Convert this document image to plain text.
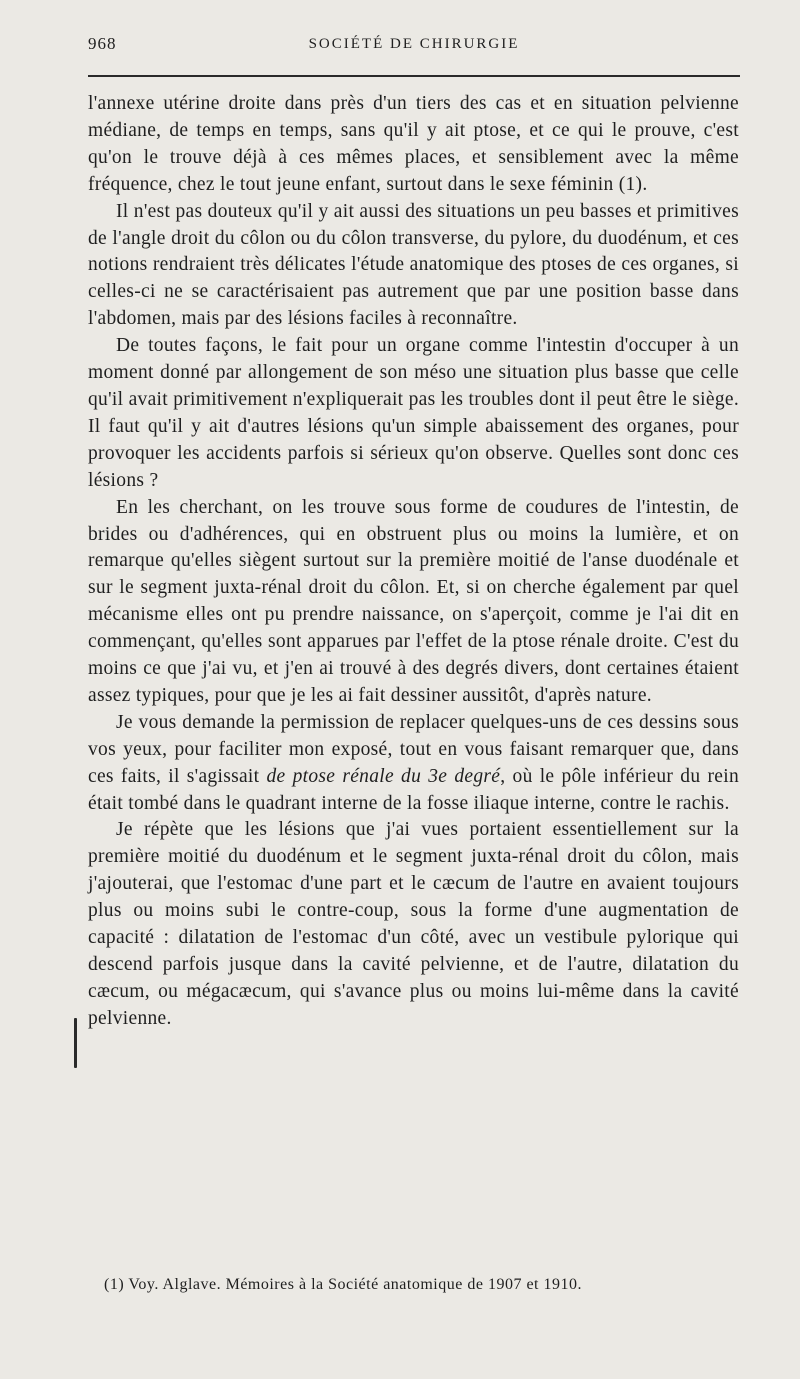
968	SOCIÉTÉ DE CHIRURGIE

l'annexe utérine droite dans près d'un tiers des cas et en situation pelvienne médiane, de temps en temps, sans qu'il y ait ptose, et ce qui le prouve, c'est qu'on le trouve déjà à ces mêmes places, et sensiblement avec la même fréquence, chez le tout jeune enfant, surtout dans le sexe féminin (1).

Il n'est pas douteux qu'il y ait aussi des situations un peu basses et primitives de l'angle droit du côlon ou du côlon transverse, du pylore, du duodénum, et ces notions rendraient très délicates l'étude anatomique des ptoses de ces organes, si celles-ci ne se caractérisaient pas autrement que par une position basse dans l'abdomen, mais par des lésions faciles à reconnaître.

De toutes façons, le fait pour un organe comme l'intestin d'occuper à un moment donné par allongement de son méso une situation plus basse que celle qu'il avait primitivement n'expliquerait pas les troubles dont il peut être le siège. Il faut qu'il y ait d'autres lésions qu'un simple abaissement des organes, pour provoquer les accidents parfois si sérieux qu'on observe. Quelles sont donc ces lésions ?

En les cherchant, on les trouve sous forme de coudures de l'intestin, de brides ou d'adhérences, qui en obstruent plus ou moins la lumière, et on remarque qu'elles siègent surtout sur la première moitié de l'anse duodénale et sur le segment juxta-rénal droit du côlon. Et, si on cherche également par quel mécanisme elles ont pu prendre naissance, on s'aperçoit, comme je l'ai dit en commençant, qu'elles sont apparues par l'effet de la ptose rénale droite. C'est du moins ce que j'ai vu, et j'en ai trouvé à des degrés divers, dont certaines étaient assez typiques, pour que je les ai fait dessiner aussitôt, d'après nature.

Je vous demande la permission de replacer quelques-uns de ces dessins sous vos yeux, pour faciliter mon exposé, tout en vous faisant remarquer que, dans ces faits, il s'agissait de ptose rénale du 3e degré, où le pôle inférieur du rein était tombé dans le quadrant interne de la fosse iliaque interne, contre le rachis.

Je répète que les lésions que j'ai vues portaient essentiellement sur la première moitié du duodénum et le segment juxta-rénal droit du côlon, mais j'ajouterai, que l'estomac d'une part et le cæcum de l'autre en avaient toujours plus ou moins subi le contre-coup, sous la forme d'une augmentation de capacité : dilatation de l'estomac d'un côté, avec un vestibule pylorique qui descend parfois jusque dans la cavité pelvienne, et de l'autre, dilatation du cæcum, ou mégacæcum, qui s'avance plus ou moins lui-même dans la cavité pelvienne.

(1) Voy. Alglave. Mémoires à la Société anatomique de 1907 et 1910.
